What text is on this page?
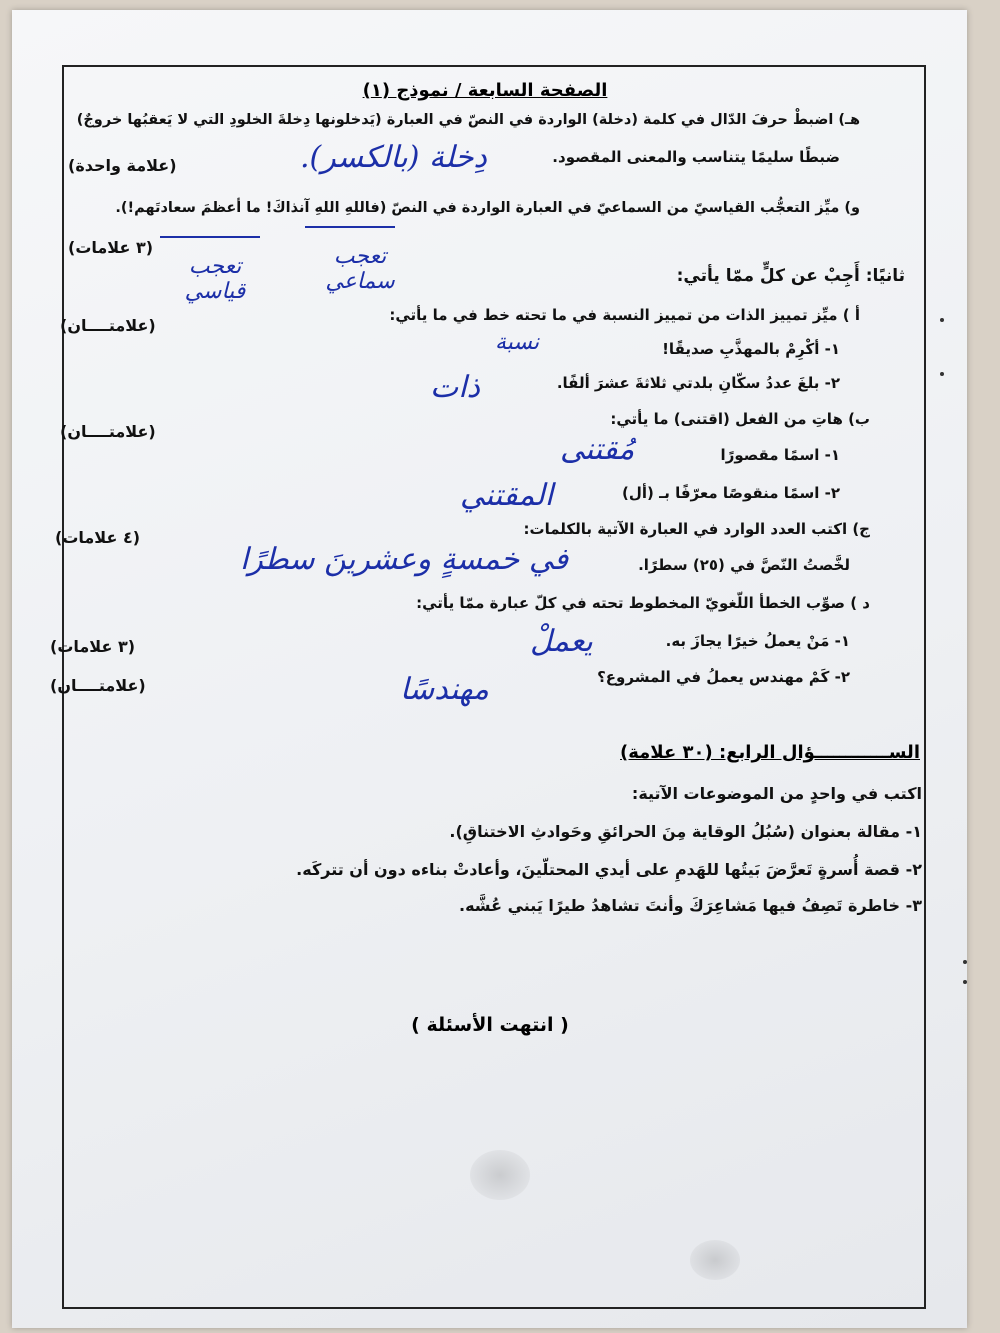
الصفحة السابعة / نموذج (١)
هـ) اضبطْ حرفَ الدّال في كلمة (دخلة) الواردة في النصّ في العبارة (يَدخلونها دِخلةَ الخلودِ التي لا يَعقبُها خروجٌ)
ضبطًا سليمًا يتناسب والمعنى المقصود.
(علامة واحدة)	دِخلة (بالكسر).
و) ميِّز التعجُّب القياسيّ من السماعيّ في العبارة الواردة في النصّ (فاللهِ اللهِ آنذاكَ! ما أعظمَ سعادتَهم!).
(٣ علامات)	تعجب سماعي
تعجب قياسي
ثانيًا: أَجِبْ عن كلٍّ ممّا يأتي:
أ ) ميِّز تمييز الذات من تمييز النسبة في ما تحته خط في ما يأتي:
(علامتــــان)
١- أكْرِمْ بالمهذَّبِ صديقًا!
نسبة
٢- بلغَ عددُ سكّانِ بلدتي ثلاثةَ عشرَ ألفًا.
ذات
ب) هاتِ من الفعل (اقتنى) ما يأتي:
(علامتــــان)
١- اسمًا مقصورًا
مُقتنى
٢- اسمًا منقوصًا معرّفًا بـ (أل)
المقتني
ج) اكتب العدد الوارد في العبارة الآتية بالكلمات:
(٤ علامات)
لخَّصتُ النّصَّ في (٢٥) سطرًا.
في خمسةٍ وعشرينَ سطرًا
د ) صوِّب الخطأ اللّغويّ المخطوط تحته في كلّ عبارة ممّا يأتي:
(٣ علامات)
(علامتــــان)
١- مَنْ يعملُ خيرًا يجازَ به.
يعملْ
٢- كَمْ مهندس يعملُ في المشروع؟
مهندسًا
الســــــــــــؤال الرابع: (٣٠ علامة)
اكتب في واحدٍ من الموضوعات الآتية:
١- مقالة بعنوان (سُبُلُ الوقاية مِنَ الحرائقِ وحَوادثِ الاختناقِ).
٢- قصة أُسرةٍ تَعرَّضَ بَيتُها للهَدمِ على أيدي المحتلّينَ، وأعادتْ بناءه دون أن تتركَه.
٣- خاطرة تَصِفُ فيها مَشاعِرَكَ وأنتَ تشاهدُ طيرًا يَبني عُشَّه.
( انتهت الأسئلة )
